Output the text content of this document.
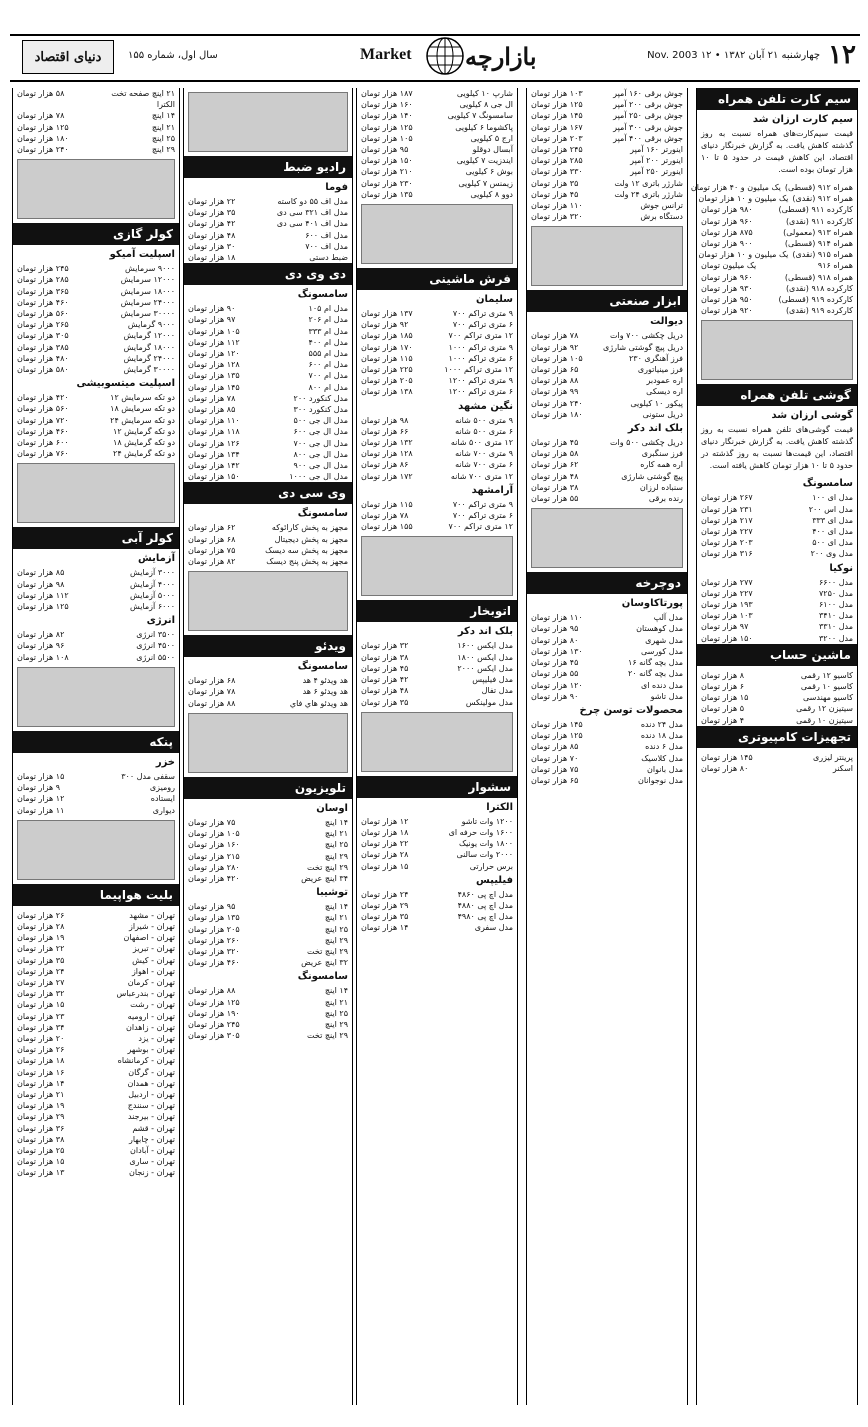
۱۲
چهارشنبه ۲۱ آبان ۱۳۸۲ • ۱۲ Nov. 2003
بازارچه
Market
سال اول، شماره ۱۵۵
دنیای اقتصاد
سیم کارت تلفن همراه
سیم کارت ارزان شد
قیمت سیم‌کارت‌های همراه نسبت به روز گذشته کاهش یافت. به گزارش خبرنگار دنیای اقتصاد، این کاهش قیمت در حدود ۵ تا ۱۰ هزار تومان بوده است.
همراه ۹۱۲ (قسطی)
یک میلیون و ۴۰ هزار تومان
همراه ۹۱۲ (نقدی)
یک میلیون و ۱۰ هزار تومان
کارکرده ۹۱۱ (قسطی)
۹۸۰ هزار تومان
کارکرده ۹۱۱ (نقدی)
۹۶۰ هزار تومان
همراه ۹۱۳ (معمولی)
۸۷۵ هزار تومان
همراه ۹۱۴ (قسطی)
۹۰۰ هزار تومان
همراه ۹۱۵ (نقدی)
یک میلیون و ۱۰ هزار تومان
همراه ۹۱۶
یک میلیون تومان
همراه ۹۱۸ (قسطی)
۹۶۰ هزار تومان
کارکرده ۹۱۸ (نقدی)
۹۳۰ هزار تومان
کارکرده ۹۱۹ (قسطی)
۹۵۰ هزار تومان
کارکرده ۹۱۹ (نقدی)
۹۲۰ هزار تومان
گوشی تلفن همراه
گوشی ارزان شد
قیمت گوشی‌های تلفن همراه نسبت به روز گذشته کاهش یافت. به گزارش خبرنگار دنیای اقتصاد، این قیمت‌ها نسبت به روز گذشته در حدود ۵ تا ۱۰ هزار تومان کاهش یافته است.
سامسونگ
مدل ای ۱۰۰
۲۶۷ هزار تومان
مدل اس ۲۰۰
۲۳۱ هزار تومان
مدل ای ۳۳۳
۲۱۷ هزار تومان
مدل ای ۴۰۰
۲۲۷ هزار تومان
مدل ای ۵۰۰
۲۰۳ هزار تومان
مدل وی ۲۰۰
۳۱۶ هزار تومان
نوکیا
مدل ۶۶۰۰
۲۷۷ هزار تومان
مدل ۷۲۵۰
۲۲۷ هزار تومان
مدل ۶۱۰۰
۱۹۳ هزار تومان
مدل ۳۴۱۰
۱۰۳ هزار تومان
مدل ۳۳۱۰
۹۷ هزار تومان
مدل ۳۲۰۰
۱۵۰ هزار تومان
ماشین حساب
کاسیو ۱۲ رقمی
۸ هزار تومان
کاسیو ۱۰ رقمی
۶ هزار تومان
کاسیو مهندسی
۱۵ هزار تومان
سیتیزن ۱۲ رقمی
۵ هزار تومان
سیتیزن ۱۰ رقمی
۴ هزار تومان
تجهیزات کامپیوتری
پرینتر لیزری
۱۴۵ هزار تومان
اسکنر
۸۰ هزار تومان
جوش برقی ۱۶۰ آمپر
۱۰۳ هزار تومان
جوش برقی ۲۰۰ آمپر
۱۲۵ هزار تومان
جوش برقی ۲۵۰ آمپر
۱۴۵ هزار تومان
جوش برقی ۳۰۰ آمپر
۱۶۷ هزار تومان
جوش برقی ۴۰۰ آمپر
۲۰۳ هزار تومان
اینورتر ۱۶۰ آمپر
۲۴۵ هزار تومان
اینورتر ۲۰۰ آمپر
۲۸۵ هزار تومان
اینورتر ۲۵۰ آمپر
۳۳۰ هزار تومان
شارژر باتری ۱۲ ولت
۳۵ هزار تومان
شارژر باتری ۲۴ ولت
۴۵ هزار تومان
ترانس جوش
۱۱۰ هزار تومان
دستگاه برش
۳۲۰ هزار تومان
ابزار صنعتی
دیوالت
دریل چکشی ۷۰۰ وات
۷۸ هزار تومان
دریل پیچ گوشتی شارژی
۹۲ هزار تومان
فرز آهنگری ۲۳۰
۱۰۵ هزار تومان
فرز مینیاتوری
۶۵ هزار تومان
اره عمودبر
۸۸ هزار تومان
اره دیسکی
۹۹ هزار تومان
پیکور ۱۰ کیلویی
۲۴۰ هزار تومان
دریل ستونی
۱۸۰ هزار تومان
بلک اند دکر
دریل چکشی ۵۰۰ وات
۴۵ هزار تومان
فرز سنگبری
۵۸ هزار تومان
اره همه کاره
۶۲ هزار تومان
پیچ گوشتی شارژی
۴۸ هزار تومان
سنباده لرزان
۳۸ هزار تومان
رنده برقی
۵۵ هزار تومان
دوچرخه
پورتاکاوسان
مدل آلپ
۱۱۰ هزار تومان
مدل کوهستان
۹۵ هزار تومان
مدل شهری
۸۰ هزار تومان
مدل کورسی
۱۳۰ هزار تومان
مدل بچه گانه ۱۶
۴۵ هزار تومان
مدل بچه گانه ۲۰
۵۵ هزار تومان
مدل دنده ای
۱۲۰ هزار تومان
مدل تاشو
۹۰ هزار تومان
محصولات توسن چرخ
مدل ۲۴ دنده
۱۴۵ هزار تومان
مدل ۱۸ دنده
۱۲۵ هزار تومان
مدل ۶ دنده
۸۵ هزار تومان
مدل کلاسیک
۷۰ هزار تومان
مدل بانوان
۷۵ هزار تومان
مدل نوجوانان
۶۵ هزار تومان
شارپ ۱۰ کیلویی
۱۸۷ هزار تومان
ال جی ۸ کیلویی
۱۶۰ هزار تومان
سامسونگ ۷ کیلویی
۱۴۰ هزار تومان
پاکشوما ۶ کیلویی
۱۲۵ هزار تومان
ارج ۵ کیلویی
۱۰۵ هزار تومان
آبسال دوقلو
۹۵ هزار تومان
ایندزیت ۷ کیلویی
۱۵۰ هزار تومان
بوش ۶ کیلویی
۲۱۰ هزار تومان
زیمنس ۷ کیلویی
۲۳۰ هزار تومان
دوو ۸ کیلویی
۱۳۵ هزار تومان
فرش ماشینی
سلیمان
۹ متری تراکم ۷۰۰
۱۳۷ هزار تومان
۶ متری تراکم ۷۰۰
۹۲ هزار تومان
۱۲ متری تراکم ۷۰۰
۱۸۵ هزار تومان
۹ متری تراکم ۱۰۰۰
۱۷۰ هزار تومان
۶ متری تراکم ۱۰۰۰
۱۱۵ هزار تومان
۱۲ متری تراکم ۱۰۰۰
۲۲۵ هزار تومان
۹ متری تراکم ۱۲۰۰
۲۰۵ هزار تومان
۶ متری تراکم ۱۲۰۰
۱۳۸ هزار تومان
نگین مشهد
۹ متری ۵۰۰ شانه
۹۸ هزار تومان
۶ متری ۵۰۰ شانه
۶۶ هزار تومان
۱۲ متری ۵۰۰ شانه
۱۳۲ هزار تومان
۹ متری ۷۰۰ شانه
۱۲۸ هزار تومان
۶ متری ۷۰۰ شانه
۸۶ هزار تومان
۱۲ متری ۷۰۰ شانه
۱۷۲ هزار تومان
آرامشهد
۹ متری تراکم ۷۰۰
۱۱۵ هزار تومان
۶ متری تراکم ۷۰۰
۷۸ هزار تومان
۱۲ متری تراکم ۷۰۰
۱۵۵ هزار تومان
اتوبخار
بلک اند دکر
مدل ایکس ۱۶۰۰
۳۲ هزار تومان
مدل ایکس ۱۸۰۰
۳۸ هزار تومان
مدل ایکس ۲۰۰۰
۴۵ هزار تومان
مدل فیلیپس
۴۲ هزار تومان
مدل تفال
۴۸ هزار تومان
مدل مولینکس
۳۵ هزار تومان
سشوار
الکترا
۱۲۰۰ وات تاشو
۱۲ هزار تومان
۱۶۰۰ وات حرفه ای
۱۸ هزار تومان
۱۸۰۰ وات یونیک
۲۲ هزار تومان
۲۰۰۰ وات سالنی
۲۸ هزار تومان
برس حرارتی
۱۵ هزار تومان
فیلیپس
مدل اچ پی ۴۸۶۰
۲۴ هزار تومان
مدل اچ پی ۴۸۸۰
۲۹ هزار تومان
مدل اچ پی ۴۹۸۰
۳۵ هزار تومان
مدل سفری
۱۴ هزار تومان
رادیو ضبط
فوما
مدل اف ۵۵ دو کاسته
۲۲ هزار تومان
مدل اف ۳۲۱ سی دی
۳۵ هزار تومان
مدل اف ۴۰۱ سی دی
۴۲ هزار تومان
مدل اف ۶۰۰
۴۸ هزار تومان
مدل اف ۷۰۰
۳۰ هزار تومان
ضبط دستی
۱۸ هزار تومان
دی وی دی
سامسونگ
مدل ام ۱۰۵
۹۰ هزار تومان
مدل ام ۲۰۶
۹۷ هزار تومان
مدل ام ۳۳۳
۱۰۵ هزار تومان
مدل ام ۴۰۰
۱۱۲ هزار تومان
مدل ام ۵۵۵
۱۲۰ هزار تومان
مدل ام ۶۰۰
۱۲۸ هزار تومان
مدل ام ۷۰۰
۱۳۵ هزار تومان
مدل ام ۸۰۰
۱۴۵ هزار تومان
مدل کنکورد ۲۰۰
۷۸ هزار تومان
مدل کنکورد ۳۰۰
۸۵ هزار تومان
مدل ال جی ۵۰۰
۱۱۰ هزار تومان
مدل ال جی ۶۰۰
۱۱۸ هزار تومان
مدل ال جی ۷۰۰
۱۲۶ هزار تومان
مدل ال جی ۸۰۰
۱۳۴ هزار تومان
مدل ال جی ۹۰۰
۱۴۲ هزار تومان
مدل ال جی ۱۰۰۰
۱۵۰ هزار تومان
وی سی دی
سامسونگ
مجهز به پخش کارائوکه
۶۲ هزار تومان
مجهز به پخش دیجیتال
۶۸ هزار تومان
مجهز به پخش سه دیسک
۷۵ هزار تومان
مجهز به پخش پنج دیسک
۸۲ هزار تومان
ویدئو
سامسونگ
هد ویدئو ۴ هد
۶۸ هزار تومان
هد ویدئو ۶ هد
۷۸ هزار تومان
هد ویدئو هاي فاي
۸۸ هزار تومان
تلویزیون
اوسان
۱۴ اینچ
۷۵ هزار تومان
۲۱ اینچ
۱۰۵ هزار تومان
۲۵ اینچ
۱۶۰ هزار تومان
۲۹ اینچ
۲۱۵ هزار تومان
۲۹ اینچ تخت
۲۸۰ هزار تومان
۳۴ اینچ عریض
۴۲۰ هزار تومان
توشیبا
۱۴ اینچ
۹۵ هزار تومان
۲۱ اینچ
۱۳۵ هزار تومان
۲۵ اینچ
۲۰۵ هزار تومان
۲۹ اینچ
۲۶۰ هزار تومان
۲۹ اینچ تخت
۳۲۰ هزار تومان
۳۲ اینچ عریض
۴۶۰ هزار تومان
سامسونگ
۱۴ اینچ
۸۸ هزار تومان
۲۱ اینچ
۱۲۵ هزار تومان
۲۵ اینچ
۱۹۰ هزار تومان
۲۹ اینچ
۲۴۵ هزار تومان
۲۹ اینچ تخت
۳۰۵ هزار تومان
۲۱ اینچ صفحه تخت
۵۸ هزار تومان
الکترا
۱۴ اینچ
۷۸ هزار تومان
۲۱ اینچ
۱۲۵ هزار تومان
۲۵ اینچ
۱۸۰ هزار تومان
۲۹ اینچ
۲۴۰ هزار تومان
کولر گازی
اسپلیت آمیکو
۹۰۰۰ سرمایش
۲۴۵ هزار تومان
۱۲۰۰۰ سرمایش
۲۸۵ هزار تومان
۱۸۰۰۰ سرمایش
۳۶۵ هزار تومان
۲۴۰۰۰ سرمایش
۴۶۰ هزار تومان
۳۰۰۰۰ سرمایش
۵۶۰ هزار تومان
۹۰۰۰ گرمایش
۲۶۵ هزار تومان
۱۲۰۰۰ گرمایش
۳۰۵ هزار تومان
۱۸۰۰۰ گرمایش
۳۸۵ هزار تومان
۲۴۰۰۰ گرمایش
۴۸۰ هزار تومان
۳۰۰۰۰ گرمایش
۵۸۰ هزار تومان
اسپلیت میتسوبیشی
دو تکه سرمایش ۱۲
۴۲۰ هزار تومان
دو تکه سرمایش ۱۸
۵۶۰ هزار تومان
دو تکه سرمایش ۲۴
۷۲۰ هزار تومان
دو تکه گرمایش ۱۲
۴۶۰ هزار تومان
دو تکه گرمایش ۱۸
۶۰۰ هزار تومان
دو تکه گرمایش ۲۴
۷۶۰ هزار تومان
کولر آبی
آزمایش
۳۰۰۰ آزمایش
۸۵ هزار تومان
۴۰۰۰ آزمایش
۹۸ هزار تومان
۵۰۰۰ آزمایش
۱۱۲ هزار تومان
۶۰۰۰ آزمایش
۱۲۵ هزار تومان
انرژی
۳۵۰۰ انرژی
۸۲ هزار تومان
۴۵۰۰ انرژی
۹۶ هزار تومان
۵۵۰۰ انرژی
۱۰۸ هزار تومان
پنکه
خزر
سقفی مدل ۳۰۰
۱۵ هزار تومان
رومیزی
۹ هزار تومان
ایستاده
۱۲ هزار تومان
دیواری
۱۱ هزار تومان
بلیت هواپیما
تهران - مشهد
۲۶ هزار تومان
تهران - شیراز
۲۸ هزار تومان
تهران - اصفهان
۱۹ هزار تومان
تهران - تبریز
۲۲ هزار تومان
تهران - کیش
۳۵ هزار تومان
تهران - اهواز
۲۴ هزار تومان
تهران - کرمان
۲۷ هزار تومان
تهران - بندرعباس
۳۲ هزار تومان
تهران - رشت
۱۵ هزار تومان
تهران - ارومیه
۲۳ هزار تومان
تهران - زاهدان
۳۴ هزار تومان
تهران - یزد
۲۰ هزار تومان
تهران - بوشهر
۲۶ هزار تومان
تهران - کرمانشاه
۱۸ هزار تومان
تهران - گرگان
۱۶ هزار تومان
تهران - همدان
۱۴ هزار تومان
تهران - اردبیل
۲۱ هزار تومان
تهران - سنندج
۱۹ هزار تومان
تهران - بیرجند
۲۹ هزار تومان
تهران - قشم
۳۶ هزار تومان
تهران - چابهار
۳۸ هزار تومان
تهران - آبادان
۲۵ هزار تومان
تهران - ساری
۱۵ هزار تومان
تهران - زنجان
۱۳ هزار تومان
